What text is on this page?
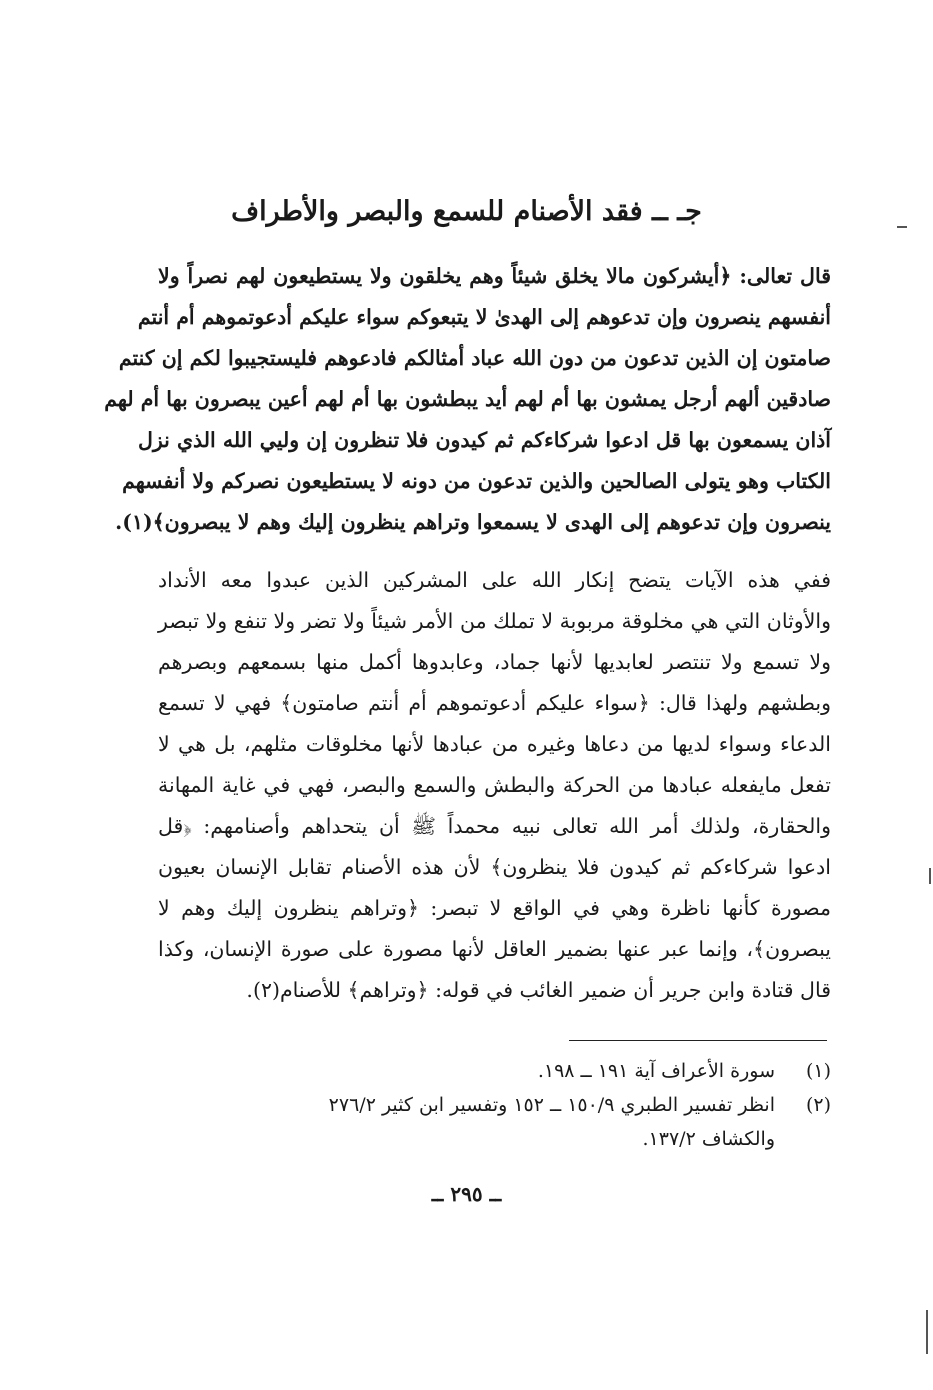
جـ ــ فقد الأصنام للسمع والبصر والأطراف
قال تعالى: ﴿أيشركون مالا يخلق شيئاً وهم يخلقون ولا يستطيعون لهم نصراً ولا
أنفسهم ينصرون وإن تدعوهم إلى الهدىٰ لا يتبعوكم سواء عليكم أدعوتموهم أم أنتم
صامتون إن الذين تدعون من دون الله عباد أمثالكم فادعوهم فليستجيبوا لكم إن كنتم
صادقين ألهم أرجل يمشون بها أم لهم أيد يبطشون بها أم لهم أعين يبصرون بها أم لهم
آذان يسمعون بها قل ادعوا شركاءكم ثم كيدون فلا تنظرون إن وليي الله الذي نزل
الكتاب وهو يتولى الصالحين والذين تدعون من دونه لا يستطيعون نصركم ولا أنفسهم
ينصرون وإن تدعوهم إلى الهدى لا يسمعوا وتراهم ينظرون إليك وهم لا يبصرون﴾(١).
ففي هذه الآيات يتضح إنكار الله على المشركين الذين عبدوا معه الأنداد
والأوثان التي هي مخلوقة مربوبة لا تملك من الأمر شيئاً ولا تضر ولا تنفع ولا تبصر
ولا تسمع ولا تنتصر لعابديها لأنها جماد، وعابدوها أكمل منها بسمعهم وبصرهم
وبطشهم ولهذا قال: ﴿سواء عليكم أدعوتموهم أم أنتم صامتون﴾ فهي لا تسمع
الدعاء وسواء لديها من دعاها وغيره من عبادها لأنها مخلوقات مثلهم، بل هي لا
تفعل مايفعله عبادها من الحركة والبطش والسمع والبصر، فهي في غاية المهانة
والحقارة، ولذلك أمر الله تعالى نبيه محمداً ﷺ أن يتحداهم وأصنامهم: ﴿قل
ادعوا شركاءكم ثم كيدون فلا ينظرون﴾ لأن هذه الأصنام تقابل الإنسان بعيون
مصورة كأنها ناظرة وهي في الواقع لا تبصر: ﴿وتراهم ينظرون إليك وهم لا
يبصرون﴾، وإنما عبر عنها بضمير العاقل لأنها مصورة على صورة الإنسان، وكذا
قال قتادة وابن جرير أن ضمير الغائب في قوله: ﴿وتراهم﴾ للأصنام(٢).
(١)
سورة الأعراف آية ١٩١ ــ ١٩٨.
(٢)
انظر تفسير الطبري ١٥٠/٩ ــ ١٥٢ وتفسير ابن كثير ٢٧٦/٢
والكشاف ١٣٧/٢.
ــ ٢٩٥ ــ
